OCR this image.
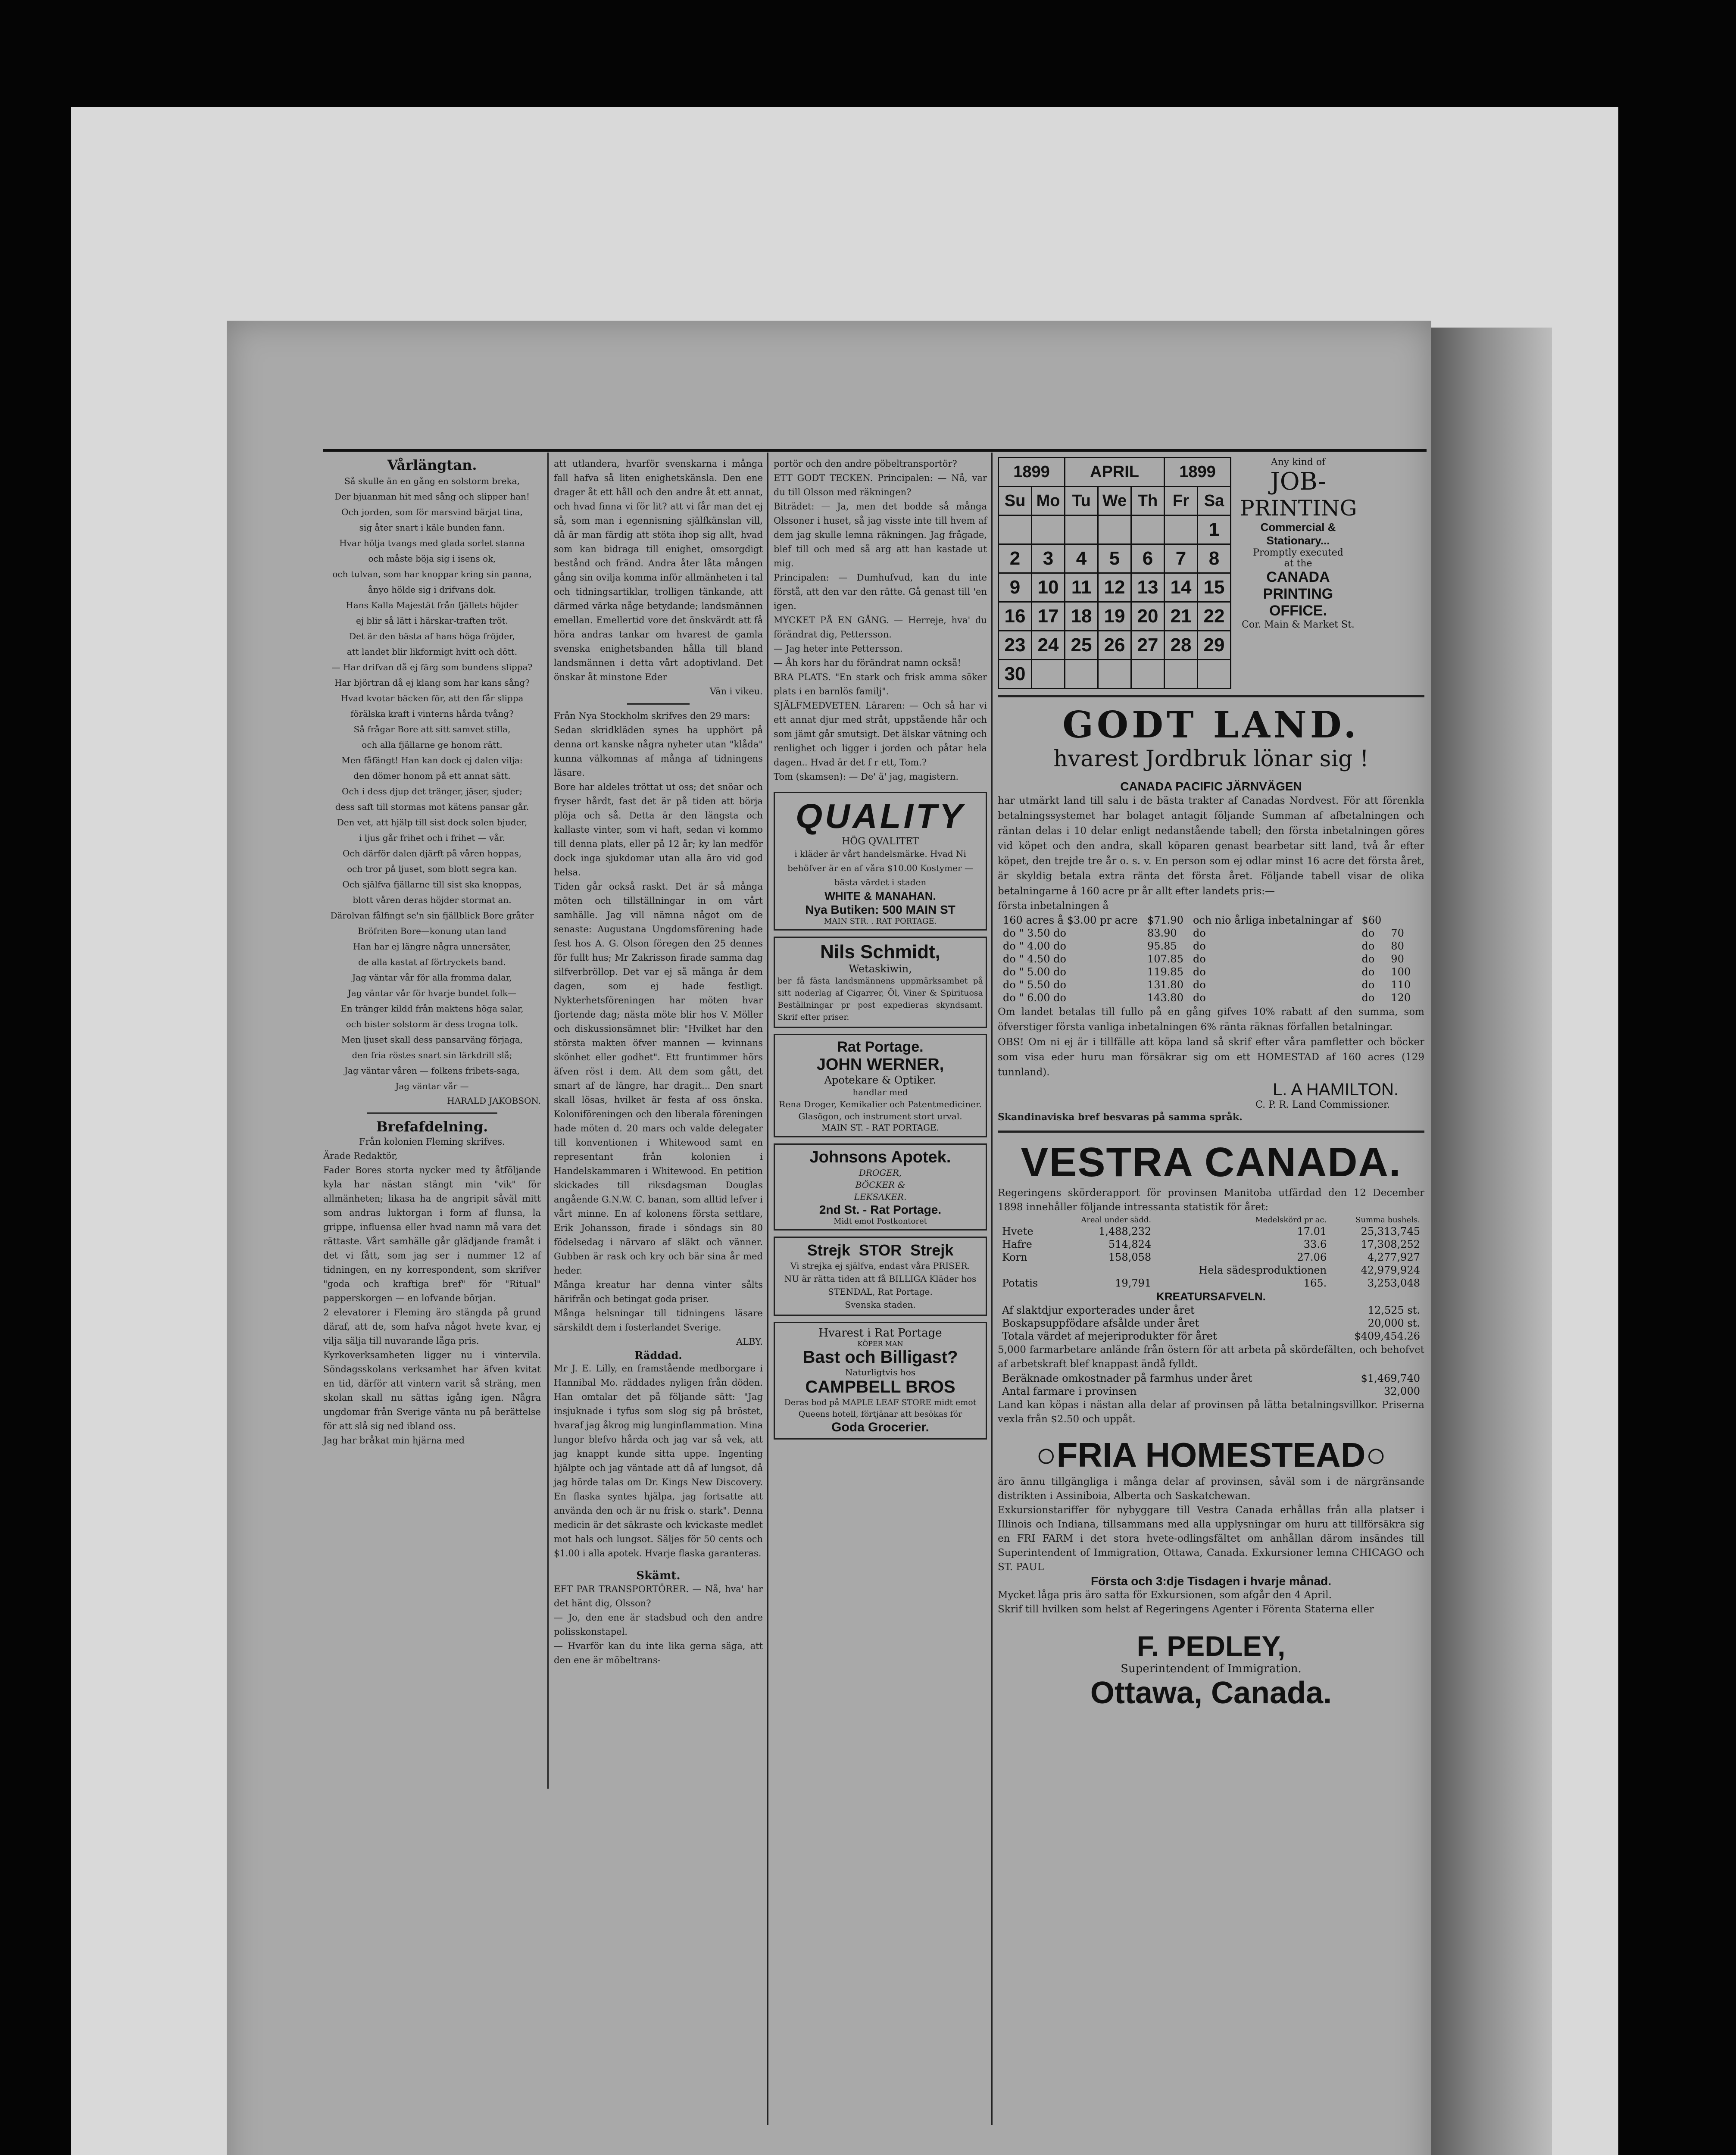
Vårlängtan.
Så skulle än en gång en solstorm breka,
Der bjuanman hit med sång och slipper han!
Och jorden, som för marsvind bärjat tina,
sig åter snart i käle bunden fann.
Hvar hölja tvangs med glada sorlet stanna
och måste böja sig i isens ok,
och tulvan, som har knoppar kring sin panna,
ånyo hölde sig i drifvans dok.
Hans Kalla Majestät från fjällets höjder
ej blir så lätt i härskar-traften tröt.
Det är den bästa af hans höga fröjder,
att landet blir likformigt hvitt och dött.
— Har drifvan då ej färg som bundens slippa?
Har björtran då ej klang som har kans sång?
Hvad kvotar bäcken för, att den får slippa
förälska kraft i vinterns hårda tvång?
Så frågar Bore att sitt samvet stilla,
och alla fjällarne ge honom rätt.
Men fåfängt! Han kan dock ej dalen vilja:
den dömer honom på ett annat sätt.
Och i dess djup det tränger, jäser, sjuder;
dess saft till stormas mot kätens pansar går.
Den vet, att hjälp till sist dock solen bjuder,
i ljus går frihet och i frihet — vår.
Och därför dalen djärft på våren hoppas,
och tror på ljuset, som blott segra kan.
Och själfva fjällarne till sist ska knoppas,
blott våren deras höjder stormat an.
Därolvan fålfingt se'n sin fjällblick Bore gråter
Bröfriten Bore—konung utan land
Han har ej längre några unnersäter,
de alla kastat af förtryckets band.
Jag väntar vår för alla fromma dalar,
Jag väntar vår för hvarje bundet folk—
En tränger kildd från maktens höga salar,
och bister solstorm är dess trogna tolk.
Men ljuset skall dess pansarväng förjaga,
den fria röstes snart sin lärkdrill slå;
Jag väntar våren — folkens fribets-saga,
Jag väntar vår —
HARALD JAKOBSON.
Brefafdelning.
Från kolonien Fleming skrifves.
Ärade Redaktör,
Fader Bores storta nycker med ty åtföljande kyla har nästan stängt min "vik" för allmänheten; likasa ha de angripit såväl mitt som andras luktorgan i form af flunsa, la grippe, influensa eller hvad namn må vara det rättaste. Vårt samhälle går glädjande framåt i det vi fått, som jag ser i nummer 12 af tidningen, en ny korrespondent, som skrifver "goda och kraftiga bref" för "Ritual" papperskorgen — en lofvande början.
2 elevatorer i Fleming äro stängda på grund däraf, att de, som hafva något hvete kvar, ej vilja sälja till nuvarande låga pris.
Kyrkoverksamheten ligger nu i vintervila. Söndagsskolans verksamhet har äfven kvitat en tid, därför att vintern varit så sträng, men skolan skall nu sättas igång igen. Några ungdomar från Sverige vänta nu på berättelse för att slå sig ned ibland oss.
Jag har bråkat min hjärna med
att utlandera, hvarför svenskarna i många fall hafva så liten enighetskänsla. Den ene drager åt ett håll och den andre åt ett annat, och hvad finna vi för lit? att vi får man det ej så, som man i egennisning själfkänslan vill, då är man färdig att stöta ihop sig allt, hvad som kan bidraga till enighet, omsorgdigt bestånd och fränd. Andra åter låta mången gång sin ovilja komma inför allmänheten i tal och tidningsartiklar, trolligen tänkande, att därmed värka någe betydande; landsmännen emellan. Emellertid vore det önskvärdt att få höra andras tankar om hvarest de gamla svenska enighetsbanden hålla till bland landsmännen i detta vårt adoptivland. Det önskar åt minstone Eder
Vän i vikeu.
Från Nya Stockholm skrifves den 29 mars:
Sedan skridkläden synes ha upphört på denna ort kanske några nyheter utan "klåda" kunna välkomnas af många af tidningens läsare.
Bore har aldeles tröttat ut oss; det snöar och fryser hårdt, fast det är på tiden att börja plöja och så. Detta är den längsta och kallaste vinter, som vi haft, sedan vi kommo till denna plats, eller på 12 år; ky lan medför dock inga sjukdomar utan alla äro vid god helsa.
Tiden går också raskt. Det är så många möten och tillställningar in om vårt samhälle. Jag vill nämna något om de senaste: Augustana Ungdomsförening hade fest hos A. G. Olson föregen den 25 dennes för fullt hus; Mr Zakrisson firade samma dag silfverbröllop. Det var ej så många år dem dagen, som ej hade festligt. Nykterhetsföreningen har möten hvar fjortende dag; nästa möte blir hos V. Möller och diskussionsämnet blir: "Hvilket har den största makten öfver mannen — kvinnans skönhet eller godhet". Ett fruntimmer hörs äfven röst i dem. Att dem som gått, det smart af de längre, har dragit... Den snart skall lösas, hvilket är festa af oss önska. Koloniföreningen och den liberala föreningen hade möten d. 20 mars och valde delegater till konventionen i Whitewood samt en representant från kolonien i Handelskammaren i Whitewood. En petition skickades till riksdagsman Douglas angående G.N.W. C. banan, som alltid lefver i vårt minne. En af kolonens första settlare, Erik Johansson, firade i söndags sin 80 födelsedag i närvaro af släkt och vänner. Gubben är rask och kry och bär sina år med heder.
Många kreatur har denna vinter sålts härifrån och betingat goda priser.
Många helsningar till tidningens läsare särskildt dem i fosterlandet Sverige.
ALBY.
Räddad.
Mr J. E. Lilly, en framstående medborgare i Hannibal Mo. räddades nyligen från döden. Han omtalar det på följande sätt: "Jag insjuknade i tyfus som slog sig på bröstet, hvaraf jag åkrog mig lunginflammation. Mina lungor blefvo hårda och jag var så vek, att jag knappt kunde sitta uppe. Ingenting hjälpte och jag väntade att då af lungsot, då jag hörde talas om Dr. Kings New Discovery. En flaska syntes hjälpa, jag fortsatte att använda den och är nu frisk o. stark". Denna medicin är det säkraste och kvickaste medlet mot hals och lungsot. Säljes för 50 cents och $1.00 i alla apotek. Hvarje flaska garanteras.
Skämt.
EFT PAR TRANSPORTÖRER. — Nå, hva' har det hänt dig, Olsson?
— Jo, den ene är stadsbud och den andre polisskonstapel.
— Hvarför kan du inte lika gerna säga, att den ene är möbeltrans-
portör och den andre pöbeltransportör?
ETT GODT TECKEN. Principalen: — Nå, var du till Olsson med räkningen?
Biträdet: — Ja, men det bodde så många Olssoner i huset, så jag visste inte till hvem af dem jag skulle lemna räkningen. Jag frågade, blef till och med så arg att han kastade ut mig.
Principalen: — Dumhufvud, kan du inte förstå, att den var den rätte. Gå genast till 'en igen.
MYCKET PÅ EN GÅNG. — Herreje, hva' du förändrat dig, Pettersson.
— Jag heter inte Pettersson.
— Åh kors har du förändrat namn också!
BRA PLATS. "En stark och frisk amma söker plats i en barnlös familj".
SJÄLFMEDVETEN. Läraren: — Och så har vi ett annat djur med stråt, uppstående hår och som jämt går smutsigt. Det älskar vätning och renlighet och ligger i jorden och påtar hela dagen.. Hvad är det f r ett, Tom.?
Tom (skamsen): — De' ä' jag, magistern.
QUALITY
HÖG QVALITET
i kläder är vårt handelsmärke. Hvad Ni behöfver är en af våra $10.00 Kostymer — bästa värdet i staden
WHITE & MANAHAN.
Nya Butiken: 500 MAIN ST
MAIN STR. . RAT PORTAGE.
Nils Schmidt,
Wetaskiwin,
ber få fästa landsmännens uppmärksamhet på sitt noderlag af Cigarrer, Öl, Viner & Spirituosa Beställningar pr post expedieras skyndsamt. Skrif efter priser.
Rat Portage.
JOHN WERNER,
Apotekare & Optiker.
handlar med
Rena Droger, Kemikalier och Patentmediciner.
Glasögon, och instrument stort urval.
MAIN ST. - RAT PORTAGE.
Johnsons Apotek.
DROGER,
BÖCKER &
LEKSAKER.
2nd St. - Rat Portage.
Midt emot Postkontoret
Strejk  STOR  Strejk
Vi strejka ej själfva, endast våra PRISER.
NU är rätta tiden att få BILLIGA Kläder hos
STENDAL, Rat Portage.
Svenska staden.
Hvarest i Rat Portage
KÖPER MAN
Bast och Billigast?
Naturligtvis hos
CAMPBELL BROS
Deras bod på MAPLE LEAF STORE midt emot Queens hotell, förtjänar att besökas för
Goda Grocerier.
1899		APRIL			1899	
Su	Mo	Tu	We	Th	Fr	Sa
						1
2	3	4	5	6	7	8
9	10	11	12	13	14	15
16	17	18	19	20	21	22
23	24	25	26	27	28	29
30						
Any kind of
JOB-
PRINTING
Commercial &
Stationary...
Promptly executed
at the
CANADA
PRINTING
OFFICE.
Cor. Main & Market St.
GODT LAND.
hvarest Jordbruk lönar sig !
CANADA PACIFIC JÄRNVÄGEN
har utmärkt land till salu i de bästa trakter af Canadas Nordvest. För att förenkla betalningssystemet har bolaget antagit följande Summan af afbetalningen och räntan delas i 10 delar enligt nedanstående tabell; den första inbetalningen göres vid köpet och den andra, skall köparen genast bearbetar sitt land, två år efter köpet, den trejde tre år o. s. v. En person som ej odlar minst 16 acre det första året, är skyldig betala extra ränta det första året. Följande tabell visar de olika betalningarne å 160 acre pr år allt efter landets pris:—
första inbetalningen å
160 acres å $3.00 pr acre	$71.90	och nio årliga inbetalningar af	$60	
do " 3.50 do	83.90	do	do	70
do " 4.00 do	95.85	do	do	80
do " 4.50 do	107.85	do	do	90
do " 5.00 do	119.85	do	do	100
do " 5.50 do	131.80	do	do	110
do " 6.00 do	143.80	do	do	120
Om landet betalas till fullo på en gång gifves 10% rabatt af den summa, som öfverstiger första vanliga inbetalningen 6% ränta räknas förfallen betalningar.
OBS! Om ni ej är i tillfälle att köpa land så skrif efter våra pamfletter och böcker som visa eder huru man försäkrar sig om ett HOMESTAD af 160 acres (129 tunnland).
L. A HAMILTON.
C. P. R. Land Commissioner.
Skandinaviska bref besvaras på samma språk.
VESTRA CANADA.
Regeringens skörderapport för provinsen Manitoba utfärdad den 12 December 1898 innehåller följande intressanta statistik för året:
	Areal under sädd.	Medelskörd pr ac.	Summa bushels.
Hvete	1,488,232	17.01	25,313,745
Hafre	514,824	33.6	17,308,252
Korn	158,058	27.06	4,277,927
		Hela sädesproduktionen	42,979,924
Potatis	19,791	165.	3,253,048
KREATURSAFVELN.
Af slaktdjur exporterades under året	12,525 st.
Boskapsuppfödare afsålde under året	20,000 st.
Totala värdet af mejeriprodukter för året	$409,454.26
5,000 farmarbetare anlände från östern för att arbeta på skördefälten, och behofvet af arbetskraft blef knappast ändå fylldt.
Beräknade omkostnader på farmhus under året	$1,469,740
Antal farmare i provinsen	32,000
Land kan köpas i nästan alla delar af provinsen på lätta betalningsvillkor. Priserna vexla från $2.50 och uppåt.
○FRIA HOMESTEAD○
äro ännu tillgängliga i många delar af provinsen, såväl som i de närgränsande distrikten i Assiniboia, Alberta och Saskatchewan.
Exkursionstariffer för nybyggare till Vestra Canada erhållas från alla platser i Illinois och Indiana, tillsammans med alla upplysningar om huru att tillförsäkra sig en FRI FARM i det stora hvete-odlingsfältet om anhållan därom insändes till Superintendent of Immigration, Ottawa, Canada. Exkursioner lemna CHICAGO och ST. PAUL
Första och 3:dje Tisdagen i hvarje månad.
Mycket låga pris äro satta för Exkursionen, som afgår den 4 April.
Skrif till hvilken som helst af Regeringens Agenter i Förenta Staterna eller
F. PEDLEY,
Superintendent of Immigration.
Ottawa, Canada.
